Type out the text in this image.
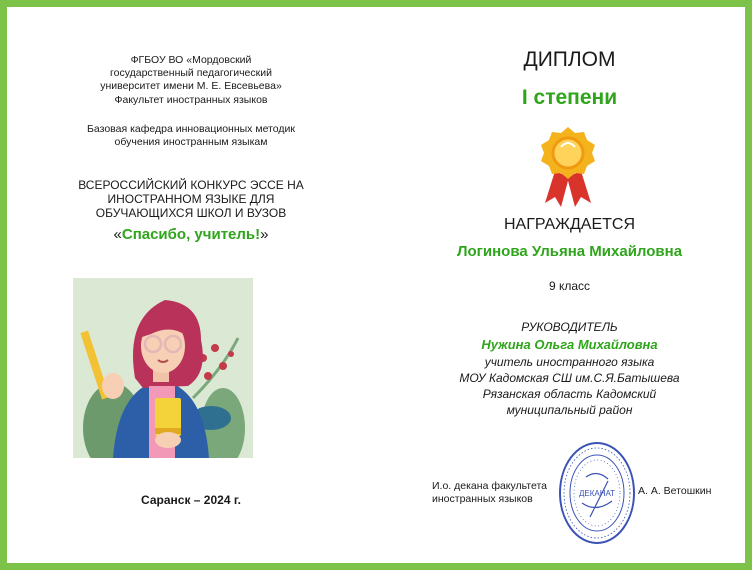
ФГБОУ ВО «Мордовский государственный педагогический университет имени М. Е. Евсевьева»
Факультет иностранных языков
Базовая кафедра инновационных методик обучения иностранным языкам
ВСЕРОССИЙСКИЙ КОНКУРС ЭССЕ НА ИНОСТРАННОМ ЯЗЫКЕ ДЛЯ ОБУЧАЮЩИХСЯ ШКОЛ И ВУЗОВ
«Спасибо, учитель!»
Саранск – 2024 г.
ДИПЛОМ
I степени
НАГРАЖДАЕТСЯ
Логинова Ульяна Михайловна
9 класс
РУКОВОДИТЕЛЬ
Нужина Ольга Михайловна
учитель иностранного языка
МОУ Кадомская СШ им.С.Я.Батышева
Рязанская область Кадомский
муниципальный район
И.о. декана факультета иностранных языков	ДЕКАНАТ А. А. Ветошкин
